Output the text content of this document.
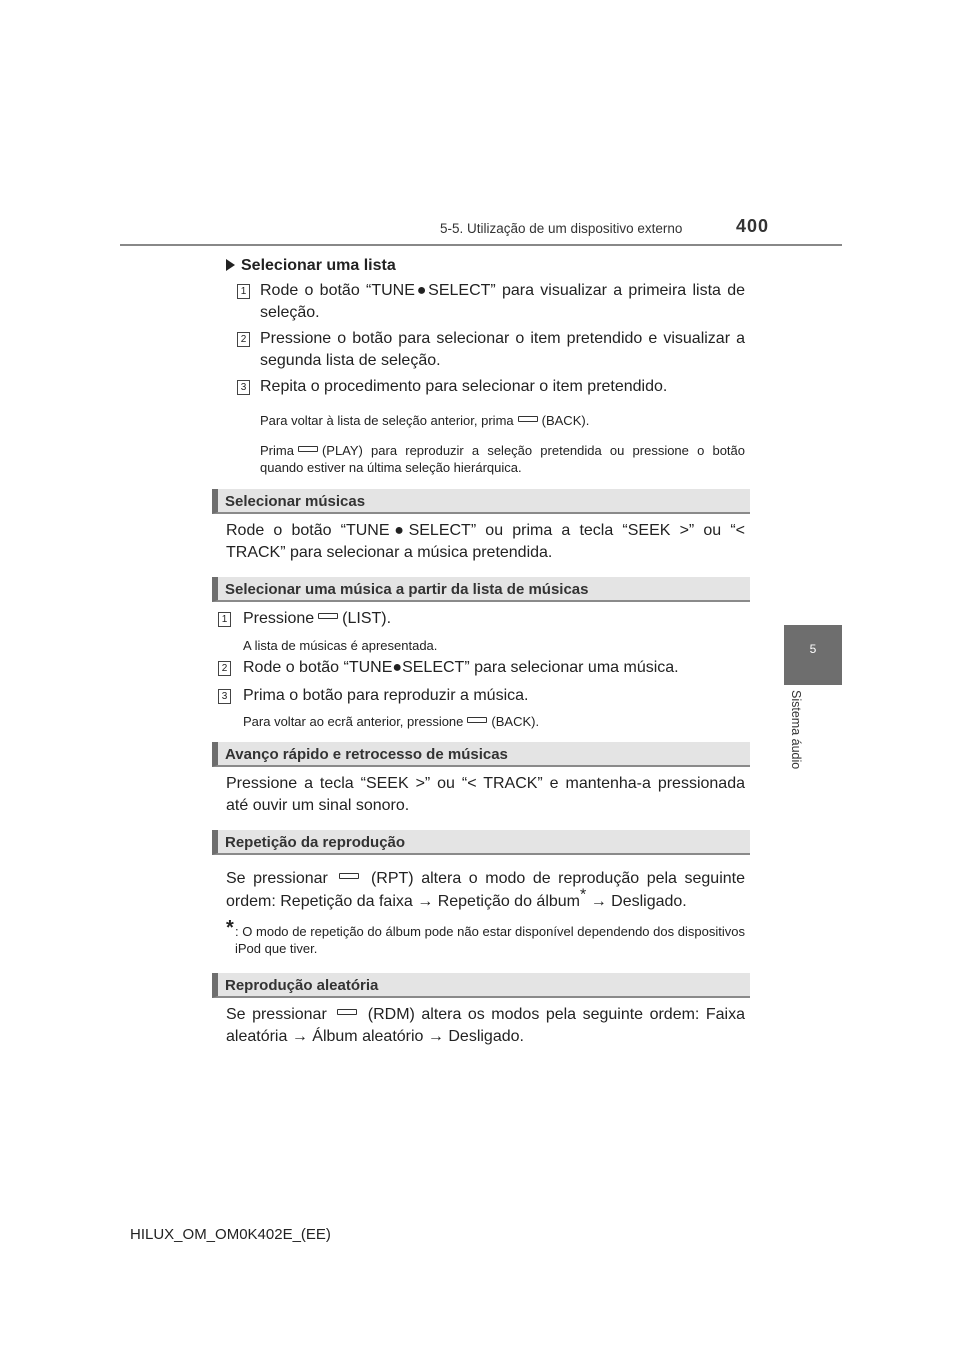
5-5. Utilização de um dispositivo externo	400
5
Sistema áudio
Selecionar uma lista
1 Rode o botão “TUNE●SELECT” para visualizar a primeira lista de seleção.
2 Pressione o botão para selecionar o item pretendido e visualizar a segunda lista de seleção.
3 Repita o procedimento para selecionar o item pretendido.
Para voltar à lista de seleção anterior, prima (BACK).
Prima (PLAY) para reproduzir a seleção pretendida ou pressione o botão quando estiver na última seleção hierárquica.
Selecionar músicas
Rode o botão “TUNE●SELECT” ou prima a tecla “SEEK >” ou “< TRACK” para selecionar a música pretendida.
Selecionar uma música a partir da lista de músicas
1 Pressione (LIST).
A lista de músicas é apresentada.
2 Rode o botão “TUNE●SELECT” para selecionar uma música.
3 Prima o botão para reproduzir a música.
Para voltar ao ecrã anterior, pressione (BACK).
Avanço rápido e retrocesso de músicas
Pressione a tecla “SEEK >” ou “< TRACK” e mantenha-a pressionada até ouvir um sinal sonoro.
Repetição da reprodução
Se pressionar	(RPT) altera o modo de reprodução pela seguinte
ordem: Repetição da faixa → Repetição do álbum* → Desligado.
* : O modo de repetição do álbum pode não estar disponível dependendo dos dispositivos iPod que tiver.
Reprodução aleatória
Se pressionar	(RDM) altera os modos pela seguinte ordem: Faixa
aleatória → Álbum aleatório → Desligado.
HILUX_OM_OM0K402E_(EE)
